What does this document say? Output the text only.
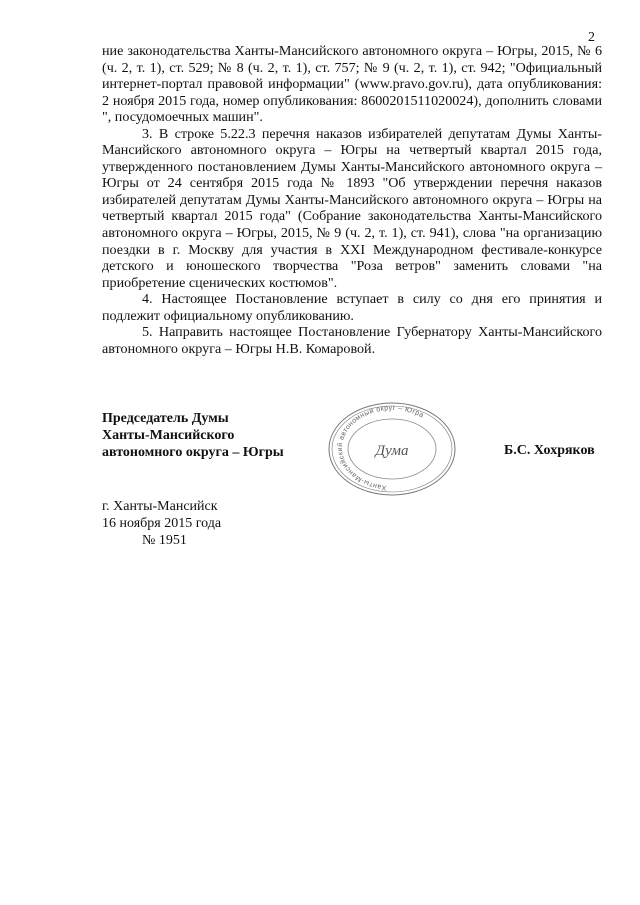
2

ние законодательства Ханты-Мансийского автономного округа – Югры, 2015, № 6 (ч. 2, т. 1), ст. 529; № 8 (ч. 2, т. 1), ст. 757; № 9 (ч. 2, т. 1), ст. 942; "Официальный интернет-портал правовой информации" (www.pravo.gov.ru), дата опубликования: 2 ноября 2015 года, номер опубликования: 8600201511020024), дополнить словами ", посудомоечных машин".

3. В строке 5.22.3 перечня наказов избирателей депутатам Думы Ханты-Мансийского автономного округа – Югры на четвертый квартал 2015 года, утвержденного постановлением Думы Ханты-Мансийского автономного округа – Югры от 24 сентября 2015 года № 1893 "Об утверждении перечня наказов избирателей депутатам Думы Ханты-Мансийского автономного округа – Югры на четвертый квартал 2015 года" (Собрание законодательства Ханты-Мансийского автономного округа – Югры, 2015, № 9 (ч. 2, т. 1), ст. 941), слова "на организацию поездки в г. Москву для участия в XXI Международном фестивале-конкурсе детского и юношеского творчества "Роза ветров" заменить словами "на приобретение сценических костюмов".

4. Настоящее Постановление вступает в силу со дня его принятия и подлежит официальному опубликованию.

5. Направить настоящее Постановление Губернатору Ханты-Мансийского автономного округа – Югры Н.В. Комаровой.

Председатель Думы
Ханты-Мансийского
автономного округа – Югры
Ханты-Мансийский автономный округ – Югра
Дума	Б.С. Хохряков
г. Ханты-Мансийск
16 ноября 2015 года
№ 1951
